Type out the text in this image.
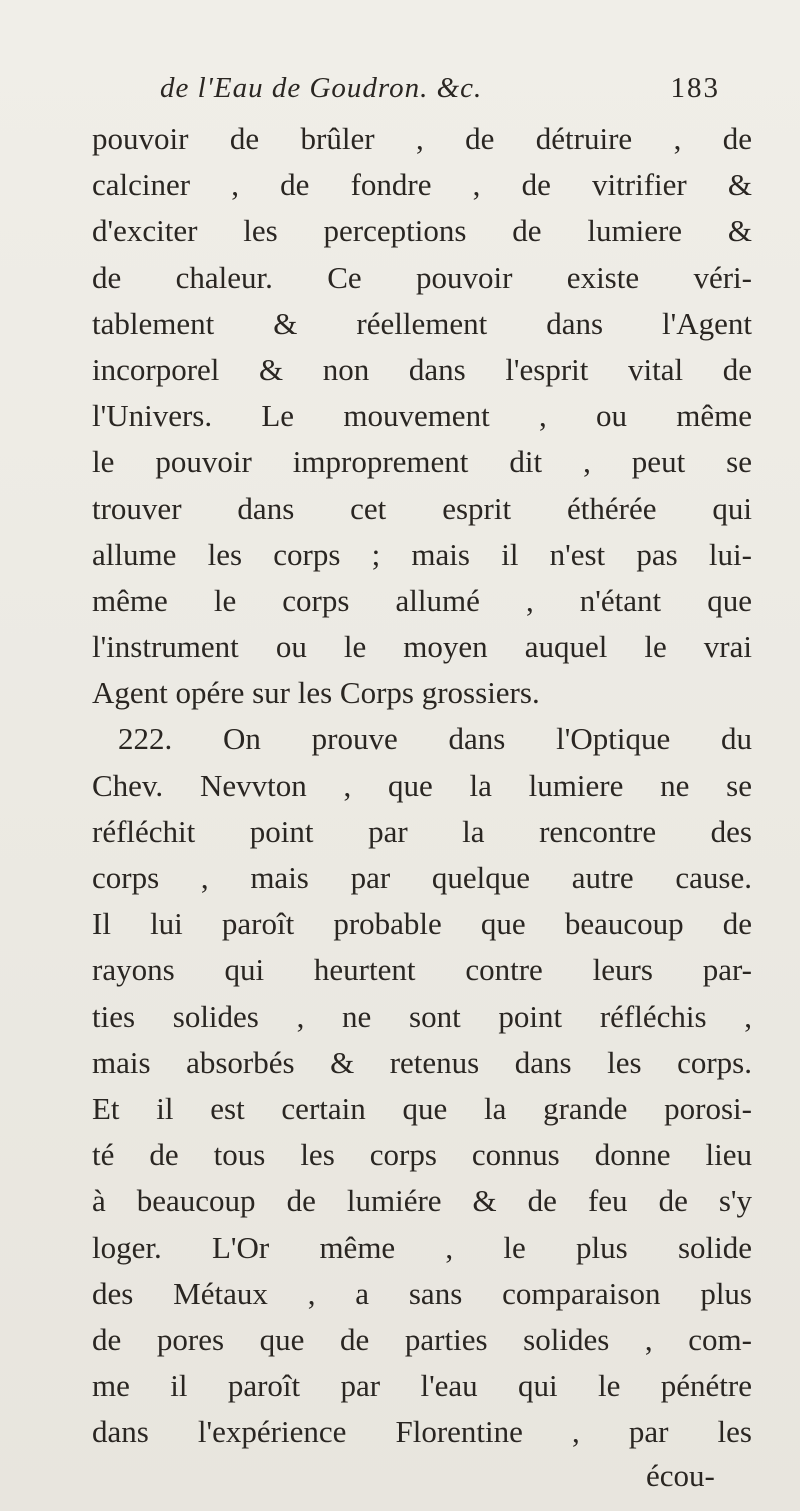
de l'Eau de Goudron. &c.	183
pouvoir de brûler , de détruire , de
calciner , de fondre , de vitrifier &
d'exciter les perceptions de lumiere &
de chaleur. Ce pouvoir existe véri-
tablement & réellement dans l'Agent
incorporel & non dans l'esprit vital de
l'Univers. Le mouvement , ou même
le pouvoir improprement dit , peut se
trouver dans cet esprit éthérée qui
allume les corps ; mais il n'est pas lui-
même le corps allumé , n'étant que
l'instrument ou le moyen auquel le vrai
Agent opére sur les Corps grossiers.
222. On prouve dans l'Optique du
Chev. Nevvton , que la lumiere ne se
réfléchit point par la rencontre des
corps , mais par quelque autre cause.
Il lui paroît probable que beaucoup de
rayons qui heurtent contre leurs par-
ties solides , ne sont point réfléchis ,
mais absorbés & retenus dans les corps.
Et il est certain que la grande porosi-
té de tous les corps connus donne lieu
à beaucoup de lumiére & de feu de s'y
loger. L'Or même , le plus solide
des Métaux , a sans comparaison plus
de pores que de parties solides , com-
me il paroît par l'eau qui le pénétre
dans l'expérience Florentine , par les
écou-
